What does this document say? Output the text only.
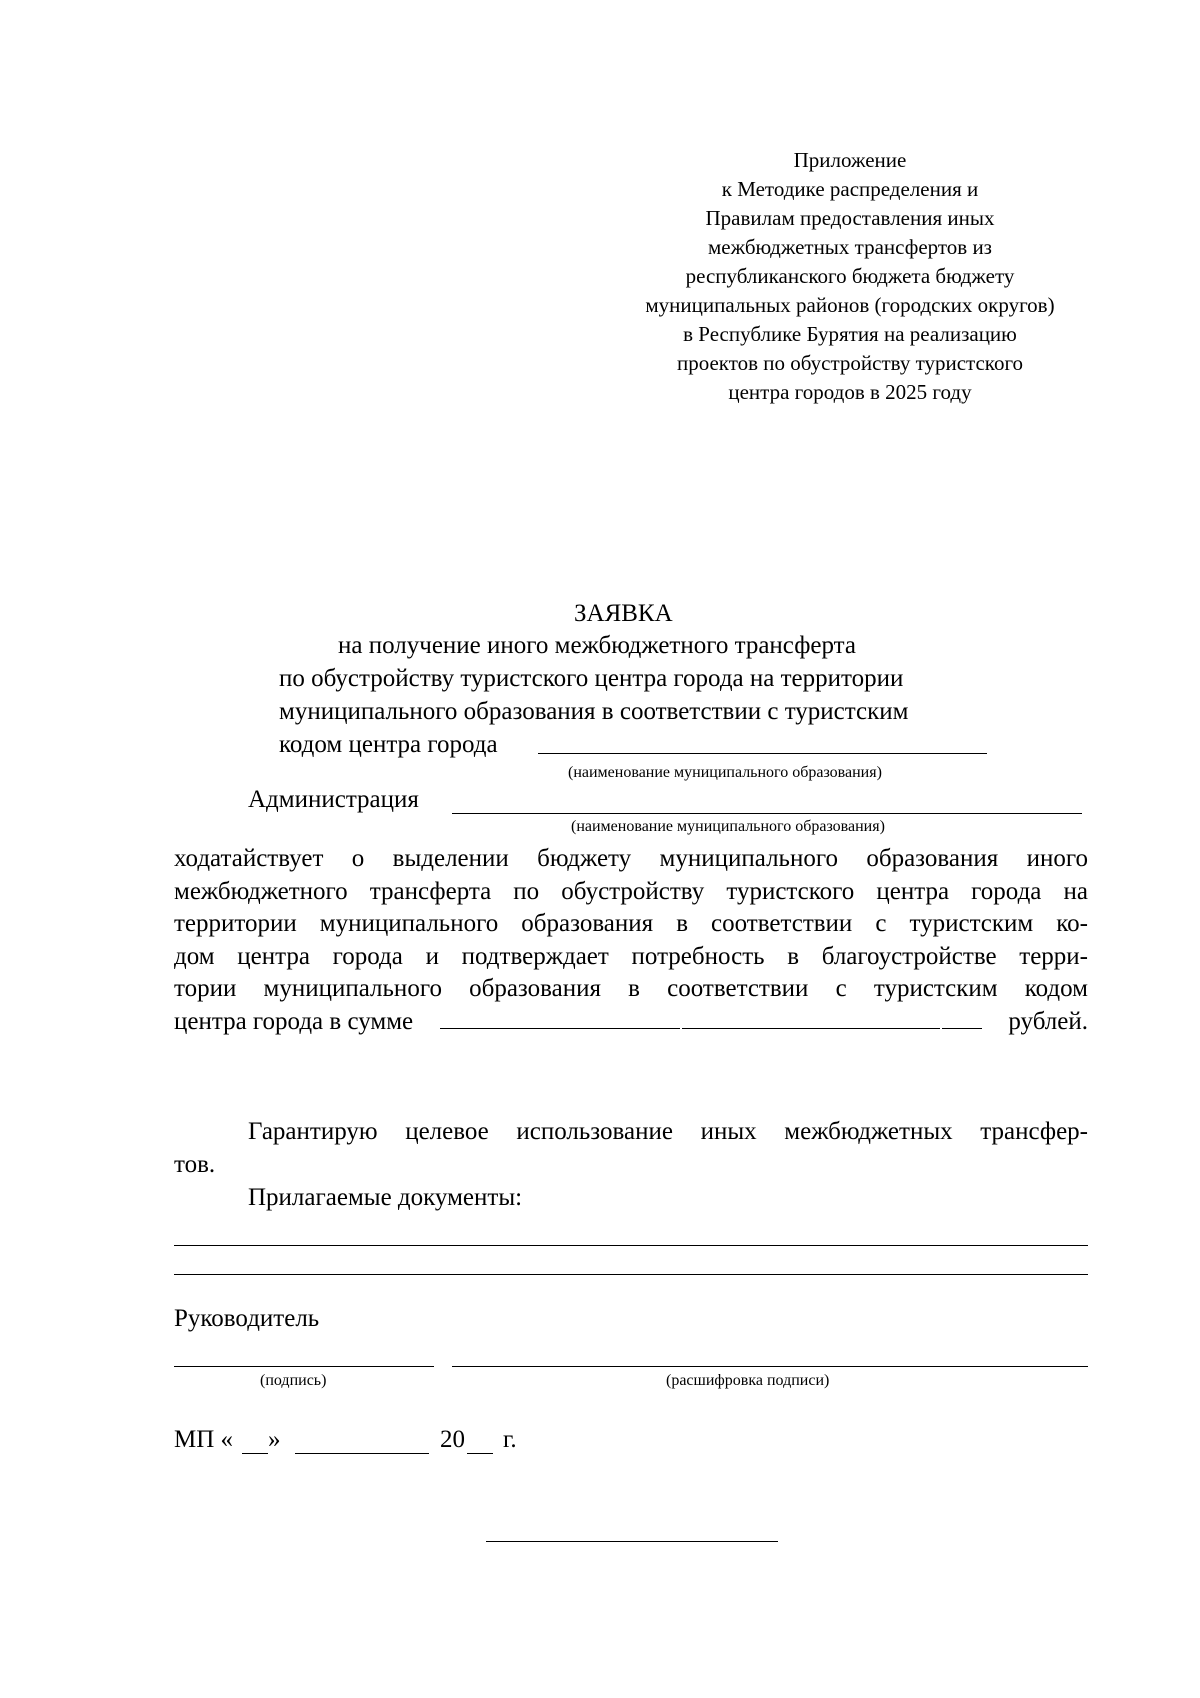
Приложение
к Методике распределения и
Правилам предоставления иных
межбюджетных трансфертов из
республиканского бюджета бюджету
муниципальных районов (городских округов)
в Республике Бурятия на реализацию
проектов по обустройству туристского
центра городов в 2025 году
ЗАЯВКА
на получение иного межбюджетного трансферта
по обустройству туристского центра города на территории
муниципального образования в соответствии с туристским
кодом центра города
(наименование муниципального образования)
Администрация
(наименование муниципального образования)
ходатайствует о выделении бюджету муниципального образования иного
межбюджетного трансферта по обустройству туристского центра города на
территории муниципального образования в соответствии с туристским ко-
дом центра города и подтверждает потребность в благоустройстве терри-
тории муниципального образования в соответствии с туристским кодом
центра города в сумме	рублей.
Гарантирую целевое использование иных межбюджетных трансфер-
тов.
Прилагаемые документы:
Руководитель
(подпись)	(расшифровка подписи)
МП « »	20 г.
